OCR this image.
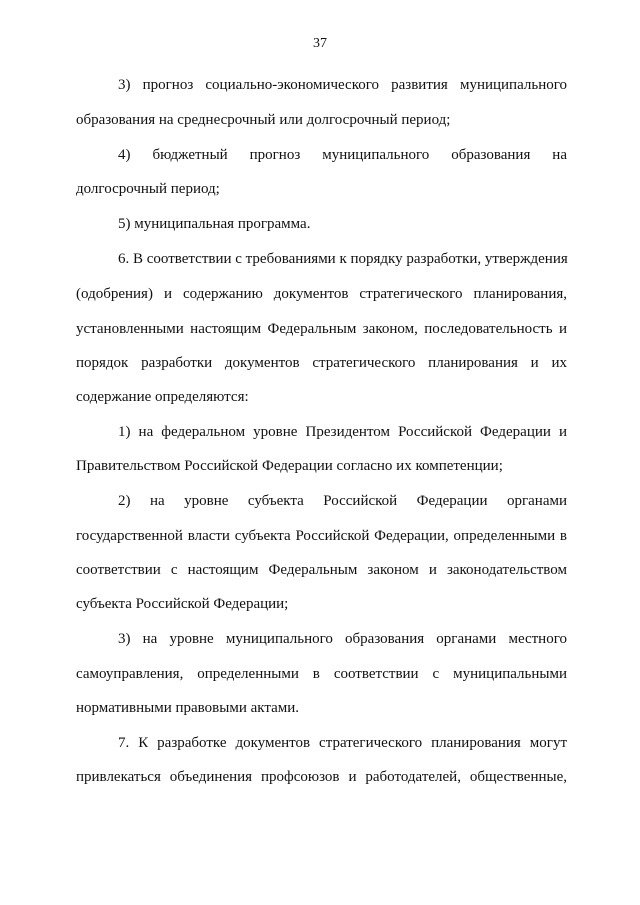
37
3) прогноз социально-экономического развития муниципального
образования на среднесрочный или долгосрочный период;
4) бюджетный прогноз муниципального образования на
долгосрочный период;
5) муниципальная программа.
6. В соответствии с требованиями к порядку разработки, утверждения
(одобрения) и содержанию документов стратегического планирования,
установленными настоящим Федеральным законом, последовательность и
порядок разработки документов стратегического планирования и их
содержание определяются:
1) на федеральном уровне Президентом Российской Федерации и
Правительством Российской Федерации согласно их компетенции;
2) на уровне субъекта Российской Федерации органами
государственной власти субъекта Российской Федерации, определенными в
соответствии с настоящим Федеральным законом и законодательством
субъекта Российской Федерации;
3) на уровне муниципального образования органами местного
самоуправления, определенными в соответствии с муниципальными
нормативными правовыми актами.
7. К разработке документов стратегического планирования могут
привлекаться объединения профсоюзов и работодателей, общественные,
